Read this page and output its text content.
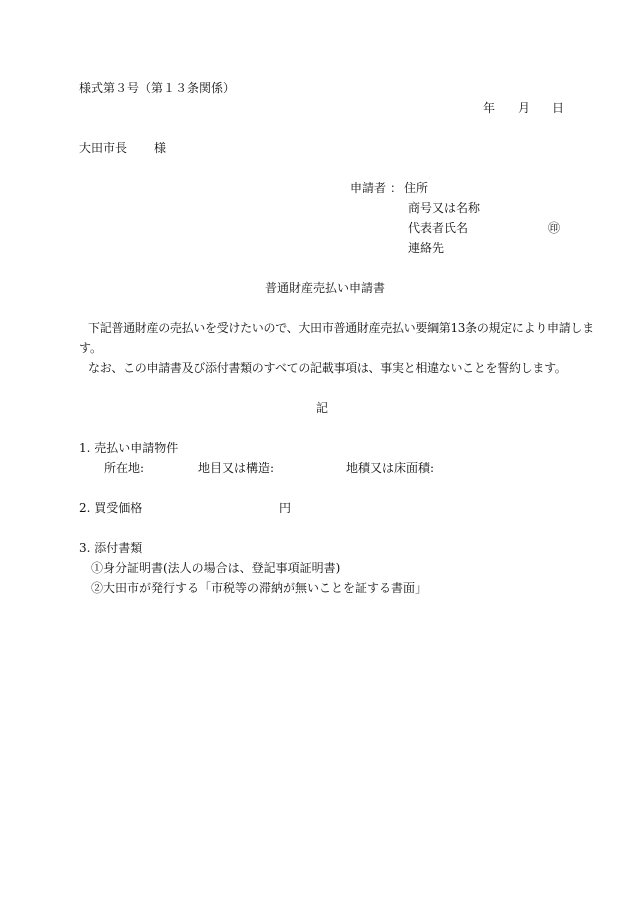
様式第３号（第１３条関係）
年 月 日
大田市長 様
申請者 ： 住所
商号又は名称
代表者氏名	㊞
連絡先
普通財産売払い申請書
下記普通財産の売払いを受けたいので、大田市普通財産売払い要綱第13条の規定により申請しま
す。
なお、この申請書及び添付書類のすべての記載事項は、事実と相違ないことを誓約します。
記
1. 売払い申請物件
所在地:	地目又は構造:	地積又は床面積:
2. 買受価格	円
3. 添付書類
①身分証明書(法人の場合は、登記事項証明書)
②大田市が発行する「市税等の滞納が無いことを証する書面」
